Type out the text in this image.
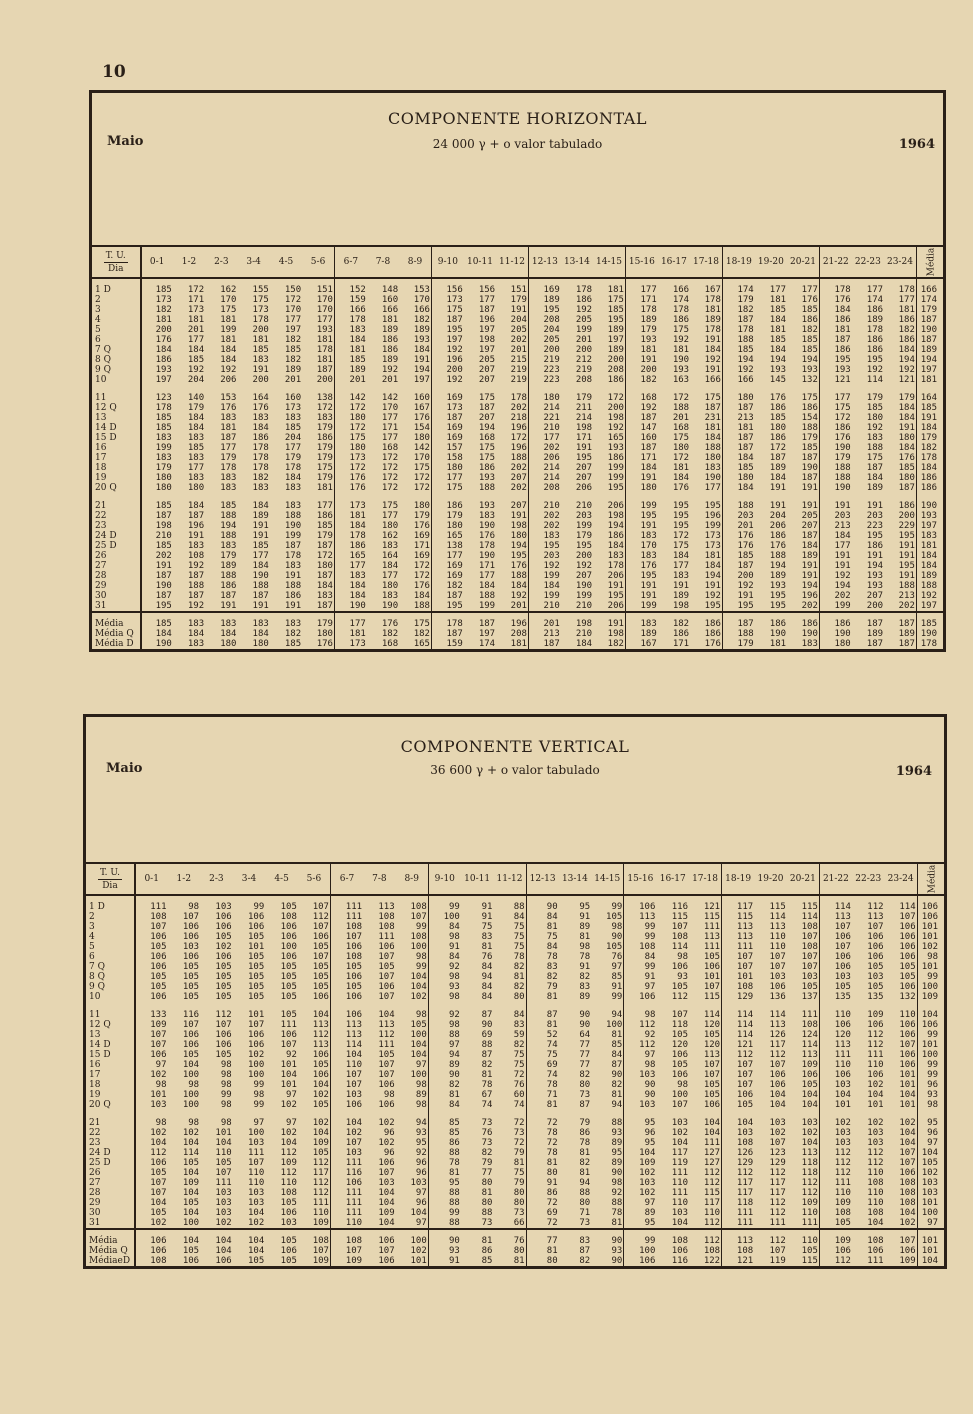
10
COMPONENTE HORIZONTAL
Maio	24 000 γ + o valor tabulado	1964
T. U.
Dia	0-1	1-2	2-3	3-4	4-5	5-6	6-7	7-8	8-9	9-10	10-11	11-12	12-13	13-14	14-15	15-16	16-17	17-18	18-19	19-20	20-21	21-22	22-23	23-24	Média
1 D	185	172	162	155	150	151	152	148	153	156	156	151	169	178	181	177	166	167	174	177	177	178	177	178	166
2	173	171	170	175	172	170	159	160	170	173	177	179	189	186	175	171	174	178	179	181	176	176	174	177	174
3	182	173	175	173	170	170	166	166	166	175	187	191	195	192	185	178	178	181	182	185	185	184	186	181	179
4	181	181	181	178	177	177	178	181	182	187	196	204	208	205	195	189	186	189	187	184	186	186	189	186	187
5	200	201	199	200	197	193	183	189	189	195	197	205	204	199	189	179	175	178	178	181	182	181	178	182	190
6	176	177	181	181	182	181	184	186	193	197	198	202	205	201	197	193	192	191	188	185	185	187	186	186	187
7 Q	184	184	184	185	185	178	181	186	184	192	197	201	200	200	189	181	181	184	185	184	185	186	186	184	189
8 Q	186	185	184	183	182	181	185	189	191	196	205	215	219	212	200	191	190	192	194	194	194	195	195	194	194
9 Q	193	192	192	191	189	187	189	192	194	200	207	219	223	219	208	200	193	191	192	193	193	193	192	192	197
10	197	204	206	200	201	200	201	201	197	192	207	219	223	208	186	182	163	166	166	145	132	121	114	121	181
11	123	140	153	164	160	138	142	142	160	169	175	178	180	179	172	168	172	175	180	176	175	177	179	179	164
12 Q	178	179	176	176	173	172	172	170	167	173	187	202	214	211	200	192	188	187	187	186	186	175	185	184	185
13	185	184	183	183	183	183	180	177	176	187	207	218	221	214	198	187	201	231	213	185	154	172	180	184	191
14 D	185	184	181	184	185	179	172	171	154	169	194	196	210	198	192	147	168	181	181	180	188	186	192	191	184
15 D	183	183	187	186	204	186	175	177	180	169	168	172	177	171	165	160	175	184	187	186	179	176	183	180	179
16	199	185	177	178	177	179	180	168	142	157	175	196	202	191	193	187	180	188	187	172	185	190	188	184	182
17	183	183	179	178	179	179	173	172	170	158	175	188	206	195	186	171	172	180	184	187	187	179	175	176	178
18	179	177	178	178	178	175	172	172	175	180	186	202	214	207	199	184	181	183	185	189	190	188	187	185	184
19	180	183	183	182	184	179	176	172	172	177	193	207	214	207	199	191	184	190	180	184	187	188	184	180	186
20 Q	180	180	183	183	183	181	176	172	172	175	188	202	208	206	195	180	176	177	184	191	191	190	189	187	186
21	185	184	185	184	183	177	173	175	180	186	193	207	210	210	206	199	195	195	188	191	191	191	191	186	190
22	187	187	188	189	188	186	181	177	179	179	183	191	202	203	198	195	195	196	203	204	205	203	203	200	193
23	198	196	194	191	190	185	184	180	176	180	190	198	202	199	194	191	195	199	201	206	207	213	223	229	197
24 D	210	191	188	191	199	179	178	162	169	165	176	180	183	179	186	183	172	173	176	186	187	184	195	195	183
25 D	185	183	183	185	187	187	186	183	171	138	178	194	195	195	184	170	175	173	176	176	184	177	186	191	181
26	202	108	179	177	178	172	165	164	169	177	190	195	203	200	183	183	184	181	185	188	189	191	191	191	184
27	191	192	189	184	183	180	177	184	172	169	171	176	192	192	178	176	177	184	187	194	191	191	194	195	184
28	187	187	188	190	191	187	183	177	172	169	177	188	199	207	206	195	183	194	200	189	191	192	193	191	189
29	190	188	186	188	188	184	184	180	176	182	184	184	184	190	191	191	191	191	192	193	194	194	193	188	188
30	187	187	187	187	186	183	184	183	184	187	188	192	199	199	195	191	189	192	191	195	196	202	207	213	192
31	195	192	191	191	191	187	190	190	188	195	199	201	210	210	206	199	198	195	195	195	202	199	200	202	197
Média	185	183	183	183	183	179	177	176	175	178	187	196	201	198	191	183	182	186	187	186	186	186	187	187	185
Média Q	184	184	184	184	182	180	181	182	182	187	197	208	213	210	198	189	186	186	188	190	190	190	189	189	190
Média D	190	183	180	180	185	176	173	168	165	159	174	181	187	184	182	167	171	176	179	181	183	180	187	187	178
COMPONENTE VERTICAL
Maio	36 600 γ + o valor tabulado	1964
T. U.
Dia	0-1	1-2	2-3	3-4	4-5	5-6	6-7	7-8	8-9	9-10	10-11	11-12	12-13	13-14	14-15	15-16	16-17	17-18	18-19	19-20	20-21	21-22	22-23	23-24	Média
1 D	111	98	103	99	105	107	111	113	108	99	91	88	90	95	99	106	116	121	117	115	115	114	112	114	106
2	108	107	106	106	108	112	111	108	107	100	91	84	84	91	105	113	115	115	115	114	114	113	113	107	106
3	107	106	106	106	106	107	108	108	99	84	75	75	81	89	98	99	107	111	113	113	108	107	107	106	101
4	106	106	105	105	106	106	107	111	108	98	83	75	75	81	90	99	108	113	113	110	107	106	106	106	101
5	105	103	102	101	100	105	106	106	100	91	81	75	84	98	105	108	114	111	111	110	108	107	106	106	102
6	106	106	106	105	106	107	108	107	98	84	76	78	78	78	76	84	98	105	107	107	107	106	106	106	98
7 Q	106	105	105	105	105	105	105	105	99	92	84	82	83	91	97	99	106	106	107	107	107	106	105	105	101
8 Q	105	105	105	105	105	105	106	107	104	98	94	81	82	82	85	91	93	101	101	103	103	103	103	105	99
9 Q	105	105	105	105	105	105	105	106	104	93	84	82	79	83	91	97	105	107	108	106	105	105	105	106	100
10	106	105	105	105	105	106	106	107	102	98	84	80	81	89	99	106	112	115	129	136	137	135	135	132	109
11	133	116	112	101	105	104	106	104	98	92	87	84	87	90	94	98	107	114	114	114	111	110	109	110	104
12 Q	109	107	107	107	111	113	113	113	105	98	90	83	81	90	100	112	118	120	114	113	108	106	106	106	106
13	107	106	106	106	106	112	113	112	100	88	69	59	52	64	81	92	105	105	114	126	124	120	112	106	99
14 D	107	106	106	106	107	113	114	111	104	97	88	82	74	77	85	112	120	120	121	117	114	113	112	107	101
15 D	106	105	105	102	92	106	104	105	104	94	87	75	75	77	84	97	106	113	112	112	113	111	111	106	100
16	97	104	98	100	101	105	110	107	97	89	82	75	69	77	87	98	105	107	107	107	109	110	110	106	99
17	102	100	98	100	104	106	107	107	100	90	81	72	74	82	90	103	106	107	107	106	106	106	106	101	99
18	98	98	98	99	101	104	107	106	98	82	78	76	78	80	82	90	98	105	107	106	105	103	102	101	96
19	101	100	99	98	97	102	103	98	89	81	67	60	71	73	81	90	100	105	106	104	104	104	104	104	93
20 Q	103	100	98	99	102	105	106	106	98	84	74	74	81	87	94	103	107	106	105	104	104	101	101	101	98
21	98	98	98	97	97	102	104	102	94	85	73	72	72	79	88	95	103	104	104	103	103	102	102	102	95
22	102	102	101	100	102	104	102	96	93	85	76	73	78	86	93	96	102	104	103	102	102	103	103	104	96
23	104	104	104	103	104	109	107	102	95	86	73	72	72	78	89	95	104	111	108	107	104	103	103	104	97
24 D	112	114	110	111	112	105	103	96	92	88	82	79	78	81	95	104	117	127	126	123	113	112	112	107	104
25 D	106	105	105	107	109	112	111	106	96	78	79	81	81	82	89	109	119	127	129	129	118	112	112	107	105
26	105	104	107	110	112	117	116	107	96	81	77	75	80	81	90	102	111	112	112	112	118	112	110	106	102
27	107	109	111	110	110	112	106	103	103	95	80	79	91	94	98	103	110	112	117	117	112	111	108	108	103
28	107	104	103	103	108	112	111	104	97	88	81	80	86	88	92	102	111	115	117	117	112	110	110	108	103
29	104	105	103	103	105	111	111	104	96	88	80	80	72	80	88	97	110	117	118	112	109	109	110	108	101
30	105	104	103	104	106	110	111	109	104	99	88	73	69	71	78	89	103	110	111	112	110	108	108	104	100
31	102	100	102	102	103	109	110	104	97	88	73	66	72	73	81	95	104	112	111	111	111	105	104	102	97
Média	106	104	104	104	105	108	108	106	100	90	81	76	77	83	90	99	108	112	113	112	110	109	108	107	101
Média Q	106	105	104	104	106	107	107	107	102	93	86	80	81	87	93	100	106	108	108	107	105	106	106	106	101
MédiaeD	108	106	106	105	105	109	109	106	101	91	85	81	80	82	90	106	116	122	121	119	115	112	111	109	104
